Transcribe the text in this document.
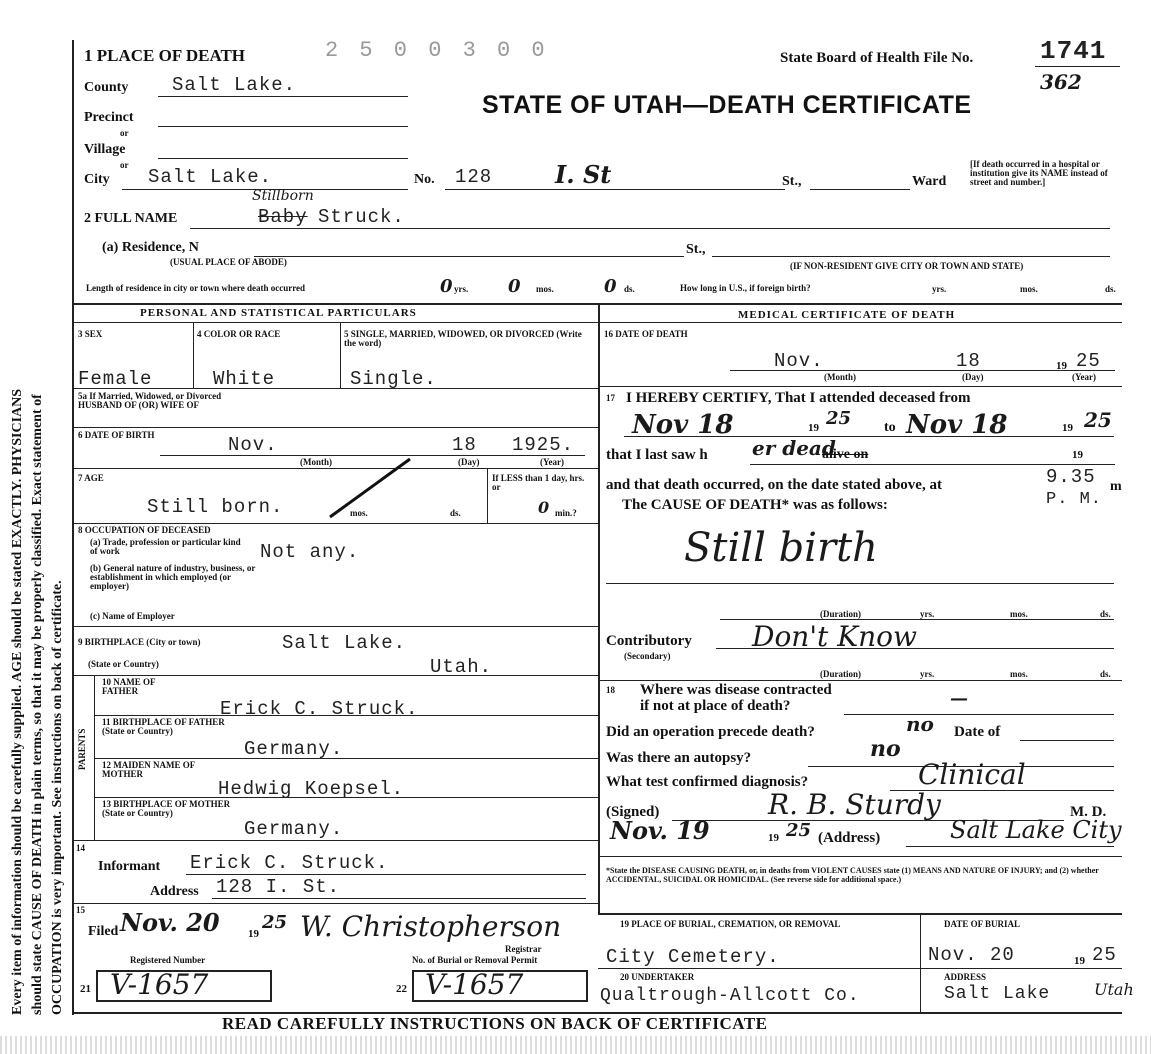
Every item of information should be carefully supplied. AGE should be stated EXACTLY. PHYSICIANS should state CAUSE OF DEATH in plain terms, so that it may be properly classified. Exact statement of OCCUPATION is very important. See instructions on back of certificate.
1 PLACE OF DEATH	2 5 0 0 3 0 0	State Board of Health File No.	1741
362
STATE OF UTAH—DEATH CERTIFICATE
County Salt Lake.
Precinct
or
Village
or
City Salt Lake.	No. 128	I. St	St.,	Ward
[If death occurred in a hospital or institution give its NAME instead of street and number.]
2 FULL NAME
Stillborn
Baby Struck.
(a) Residence, N
(USUAL PLACE OF ABODE)
St.,
(IF NON-RESIDENT GIVE CITY OR TOWN AND STATE)
Length of residence in city or town where death occurred	0 yrs. 0 mos.	0 ds.	How long in U.S., if foreign birth?	yrs.	mos.	ds.
PERSONAL AND STATISTICAL PARTICULARS	MEDICAL CERTIFICATE OF DEATH
3 SEX	4 COLOR OR RACE	5 SINGLE, MARRIED, WIDOWED, OR DIVORCED (Write the word)
Female	White	Single.
5a If Married, Widowed, or Divorced HUSBAND OF (OR) WIFE OF
6 DATE OF BIRTH	Nov.	18 1925.
(Month)	(Day)	(Year)
7 AGE
Still born.	mos.	ds.
If LESS than 1 day, hrs. or
0 min.?
8 OCCUPATION OF DECEASED
(a) Trade, profession or particular kind of work
(b) General nature of industry, business, or establishment in which employed (or employer)
Not any.
(c) Name of Employer
9 BIRTHPLACE (City or town)	Salt Lake.
(State or Country)	Utah.
PARENTS
10 NAME OF FATHER
Erick C. Struck.
11 BIRTHPLACE OF FATHER (State or Country)
Germany.
12 MAIDEN NAME OF MOTHER
Hedwig Koepsel.
13 BIRTHPLACE OF MOTHER (State or Country)
Germany.
14
Informant Erick C. Struck.
Address 128 I. St.
15
Filed Nov. 20	19
25 W. Christopherson
Registrar
Registered Number	No. of Burial or Removal Permit
21 V-1657	22 V-1657
16 DATE OF DEATH
Nov.	18	19 25
(Month)	(Day)	(Year)
17 I HEREBY CERTIFY, That I attended deceased from
Nov 18	19 25 to Nov 18	19 25
that I last saw h er dead
alive on	19
and that death occurred, on the date stated above, at	9.35 m
P. M.
The CAUSE OF DEATH* was as follows:
Still birth
(Duration)	yrs.	mos.	ds.
Contributory
(Secondary)
Don't Know
(Duration)	yrs.	mos.	ds.
18 Where was disease contracted
if not at place of death?	—
Did an operation precede death?	no Date of
Was there an autopsy?	no
What test confirmed diagnosis?	Clinical
(Signed)	R. B. Sturdy	M. D.
Nov. 19	19 25 (Address)	Salt Lake City
*State the DISEASE CAUSING DEATH, or, in deaths from VIOLENT CAUSES state (1) MEANS AND NATURE OF INJURY; and (2) whether ACCIDENTAL, SUICIDAL OR HOMICIDAL. (See reverse side for additional space.)
19 PLACE OF BURIAL, CREMATION, OR REMOVAL
City Cemetery.
DATE OF BURIAL
Nov. 20	19 25
20 UNDERTAKER	ADDRESS
Qualtrough-Allcott Co.	Salt Lake	Utah
READ CAREFULLY INSTRUCTIONS ON BACK OF CERTIFICATE
